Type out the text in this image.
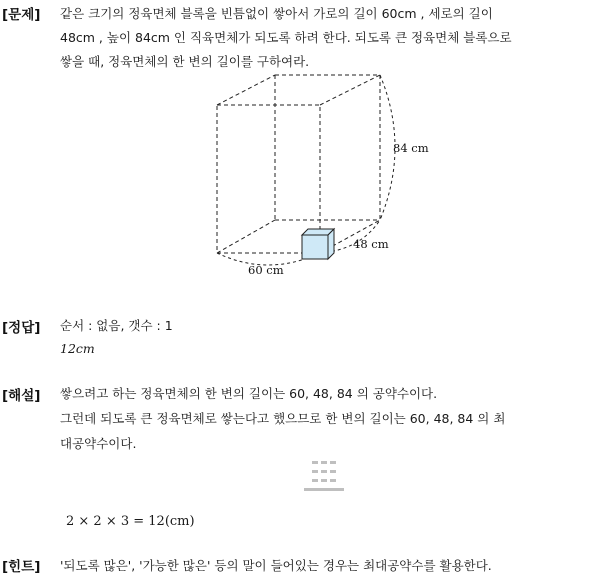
[문제] 같은 크기의 정육면체 블록을 빈틈없이 쌓아서 가로의 길이 60cm , 세로의 길이
48cm , 높이 84cm 인 직육면체가 되도록 하려 한다. 되도록 큰 정육면체 블록으로
쌓을 때, 정육면체의 한 변의 길이를 구하여라.
84 cm
48 cm
60 cm
[정답] 순서 : 없음, 갯수 : 1
12cm
[해설] 쌓으려고 하는 정육면체의 한 변의 길이는 60, 48, 84 의 공약수이다.
그런데 되도록 큰 정육면체로 쌓는다고 했으므로 한 변의 길이는 60, 48, 84 의 최
대공약수이다.
2 × 2 × 3 = 12(cm)
[힌트] '되도록 많은', '가능한 많은' 등의 말이 들어있는 경우는 최대공약수를 활용한다.
